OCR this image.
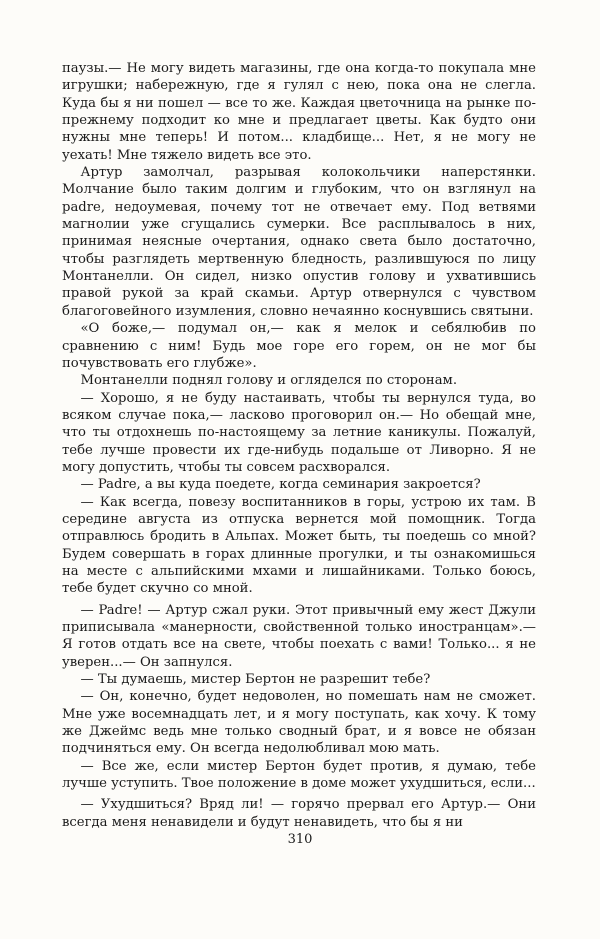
паузы.— Не могу видеть магазины, где она когда-то покупала мне игрушки; набережную, где я гулял с нею, пока она не слегла. Куда бы я ни пошел — все то же. Каждая цветочница на рынке по-прежнему подходит ко мне и предлагает цветы. Как будто они нужны мне теперь! И потом... кладбище... Нет, я не могу не уехать! Мне тяжело видеть все это.

Артур замолчал, разрывая колокольчики наперстянки. Молчание было таким долгим и глубоким, что он взглянул на padre, недоумевая, почему тот не отвечает ему. Под ветвями магнолии уже сгущались сумерки. Все расплывалось в них, принимая неясные очертания, однако света было достаточно, чтобы разглядеть мертвенную бледность, разлившуюся по лицу Монтанелли. Он сидел, низко опустив голову и ухватившись правой рукой за край скамьи. Артур отвернулся с чувством благоговейного изумления, словно нечаянно коснувшись святыни.

«О боже,— подумал он,— как я мелок и себялюбив по сравнению с ним! Будь мое горе его горем, он не мог бы почувствовать его глубже».

Монтанелли поднял голову и огляделся по сторонам.

— Хорошо, я не буду настаивать, чтобы ты вернулся туда, во всяком случае пока,— ласково проговорил он.— Но обещай мне, что ты отдохнешь по-настоящему за летние каникулы. Пожалуй, тебе лучше провести их где-нибудь подальше от Ливорно. Я не могу допустить, чтобы ты совсем расхворался.

— Padre, а вы куда поедете, когда семинария закроется?

— Как всегда, повезу воспитанников в горы, устрою их там. В середине августа из отпуска вернется мой помощник. Тогда отправлюсь бродить в Альпах. Может быть, ты поедешь со мной? Будем совершать в горах длинные прогулки, и ты ознакомишься на месте с альпийскими мхами и лишайниками. Только боюсь, тебе будет скучно со мной.

— Padre! — Артур сжал руки. Этот привычный ему жест Джули приписывала «манерности, свойственной только иностранцам».— Я готов отдать все на свете, чтобы поехать с вами! Только... я не уверен...— Он запнулся.

— Ты думаешь, мистер Бертон не разрешит тебе?

— Он, конечно, будет недоволен, но помешать нам не сможет. Мне уже восемнадцать лет, и я могу поступать, как хочу. К тому же Джеймс ведь мне только сводный брат, и я вовсе не обязан подчиняться ему. Он всегда недолюбливал мою мать.

— Все же, если мистер Бертон будет против, я думаю, тебе лучше уступить. Твое положение в доме может ухудшиться, если...

— Ухудшиться? Вряд ли! — горячо прервал его Артур.— Они всегда меня ненавидели и будут ненавидеть, что бы я ни

310
